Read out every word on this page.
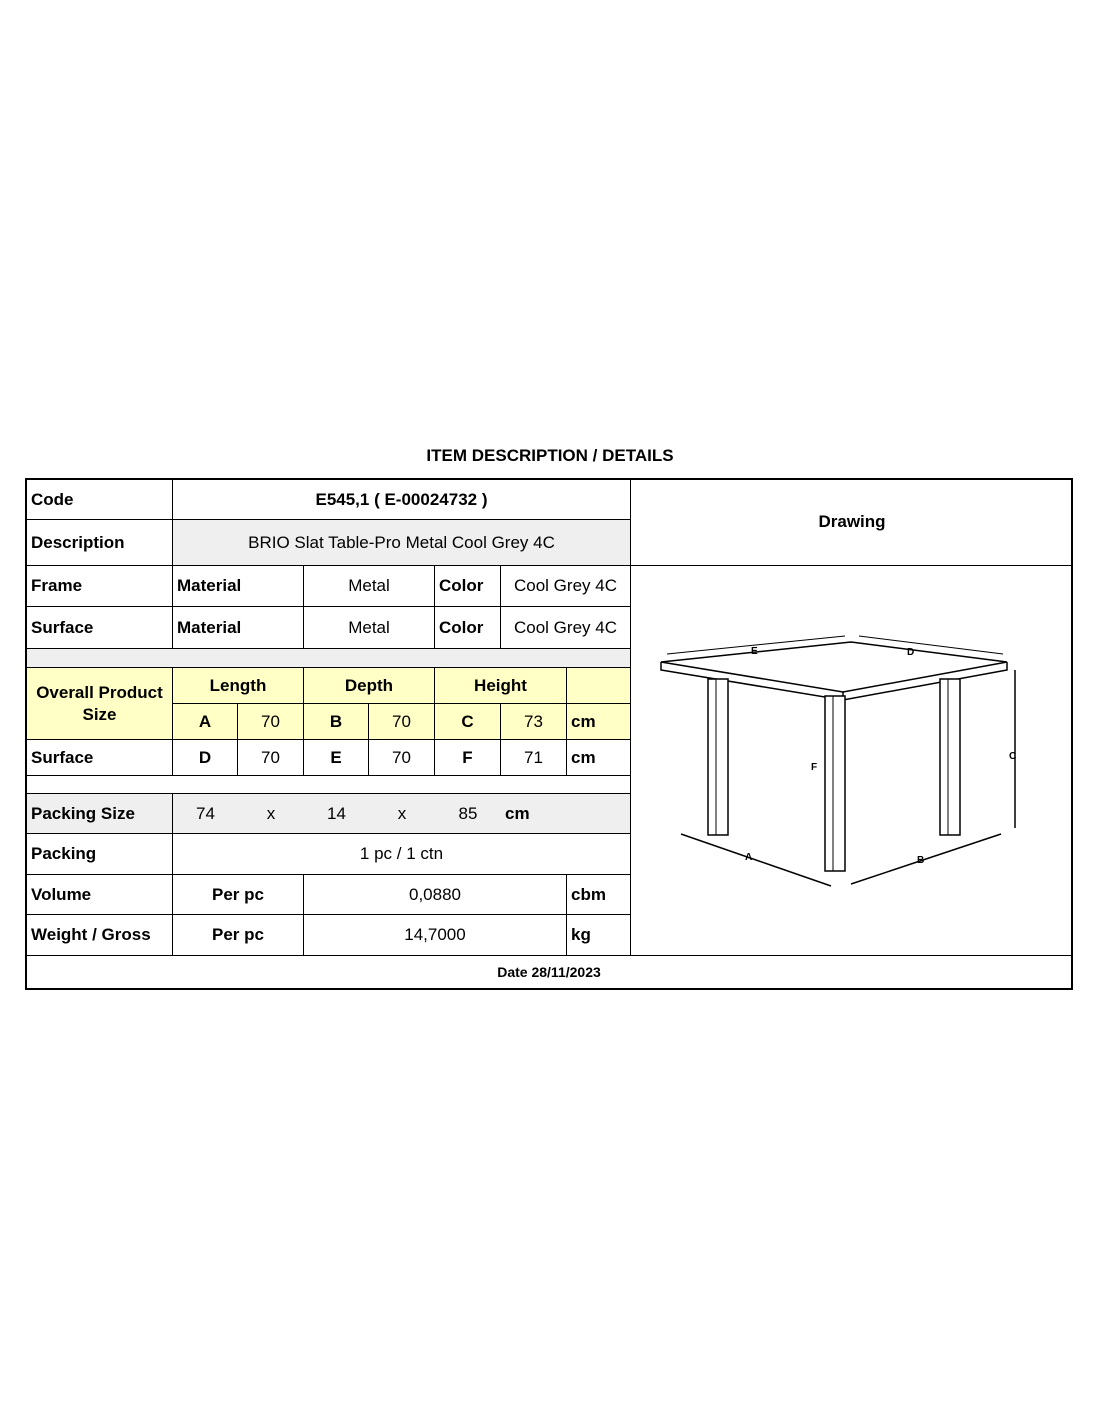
ITEM DESCRIPTION / DETAILS
Code	E545,1 ( E-00024732 )
Description	BRIO Slat Table-Pro Metal Cool Grey 4C
Frame	Material	Metal	Color	Cool Grey 4C
Surface	Material	Metal	Color	Cool Grey 4C
Overall Product Size
Length	Depth	Height
A	70	B	70	C	73	cm
Surface	D	70	E	70	F	71	cm
Packing Size	74	x	14	x	85	cm
Packing	1 pc / 1 ctn
Volume	Per pc	0,0880	cbm
Weight / Gross	Per pc	14,7000	kg
Drawing
E	D
C
F
A	B
Date 28/11/2023
